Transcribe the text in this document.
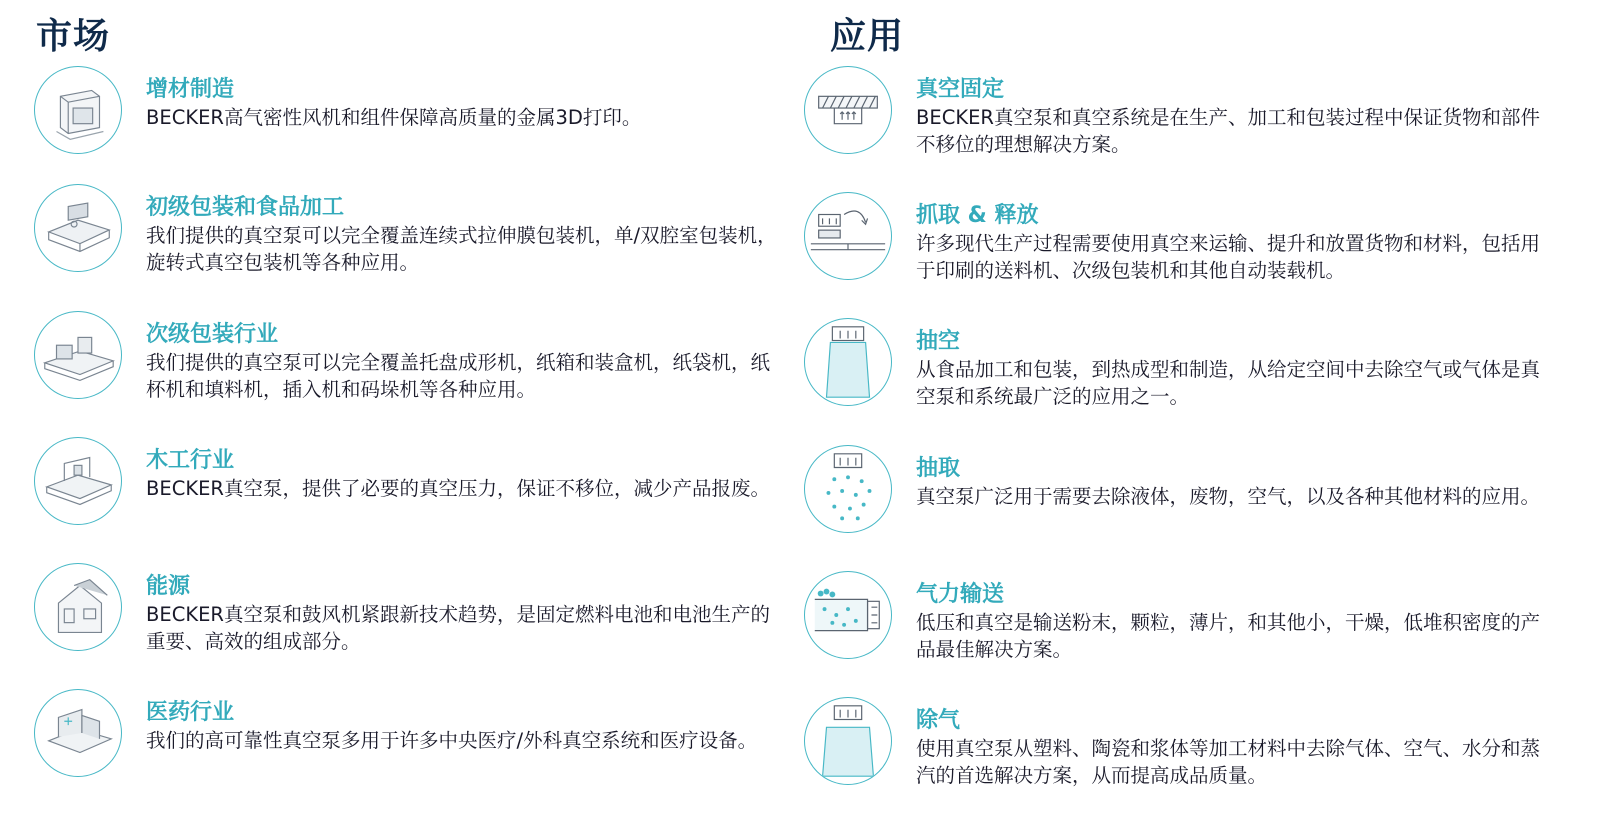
市场	应用
增材制造

BECKER高气密性风机和组件保障高质量的金属3D打印。

初级包装和食品加工

我们提供的真空泵可以完全覆盖连续式拉伸膜包装机，单/双腔室包装机，旋转式真空包装机等各种应用。

次级包装行业

我们提供的真空泵可以完全覆盖托盘成形机，纸箱和装盒机，纸袋机，纸杯机和填料机，插入机和码垛机等各种应用。

木工行业

BECKER真空泵，提供了必要的真空压力，保证不移位，减少产品报废。

能源

BECKER真空泵和鼓风机紧跟新技术趋势，是固定燃料电池和电池生产的重要、高效的组成部分。

医药行业

我们的高可靠性真空泵多用于许多中央医疗/外科真空系统和医疗设备。

真空固定

BECKER真空泵和真空系统是在生产、加工和包装过程中保证货物和部件不移位的理想解决方案。

抓取 & 释放

许多现代生产过程需要使用真空来运输、提升和放置货物和材料，包括用于印刷的送料机、次级包装机和其他自动装载机。

抽空

从食品加工和包装，到热成型和制造，从给定空间中去除空气或气体是真空泵和系统最广泛的应用之一。

抽取

真空泵广泛用于需要去除液体，废物，空气，以及各种其他材料的应用。

气力输送

低压和真空是输送粉末，颗粒，薄片，和其他小，干燥，低堆积密度的产品最佳解决方案。

除气

使用真空泵从塑料、陶瓷和浆体等加工材料中去除气体、空气、水分和蒸汽的首选解决方案，从而提高成品质量。
